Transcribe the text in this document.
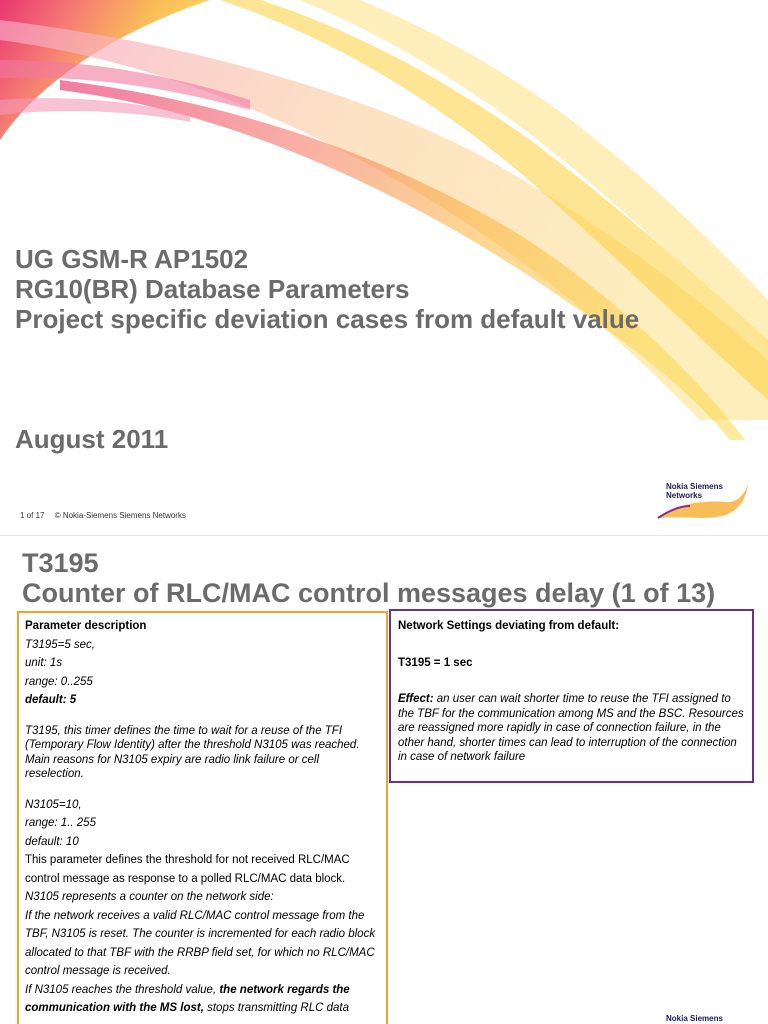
UG GSM-R AP1502
RG10(BR) Database Parameters
Project specific deviation cases from default value
August 2011
1 of 17 © Nokia-Siemens Siemens Networks
Nokia Siemens
Networks
T3195
Counter of RLC/MAC control messages delay (1 of 13)

Parameter description

T3195=5 sec,

unit: 1s

range: 0..255

default: 5

T3195, this timer defines the time to wait for a reuse of the TFI (Temporary Flow Identity) after the threshold N3105 was reached. Main reasons for N3105 expiry are radio link failure or cell reselection.

N3105=10,

range: 1.. 255

default: 10

This parameter defines the threshold for not received RLC/MAC control message as response to a polled RLC/MAC data block.

N3105 represents a counter on the network side:

If the network receives a valid RLC/MAC control message from the TBF, N3105 is reset. The counter is incremented for each radio block allocated to that TBF with the RRBP field set, for which no RLC/MAC control message is received.

If N3105 reaches the threshold value, the network regards the communication with the MS lost, stops transmitting RLC data

Network Settings deviating from default:

T3195 = 1 sec

Effect: an user can wait shorter time to reuse the TFI assigned to the TBF for the communication among MS and the BSC. Resources are reassigned more rapidly in case of connection failure, in the other hand, shorter times can lead to interruption of the connection in case of network failure

Nokia Siemens
